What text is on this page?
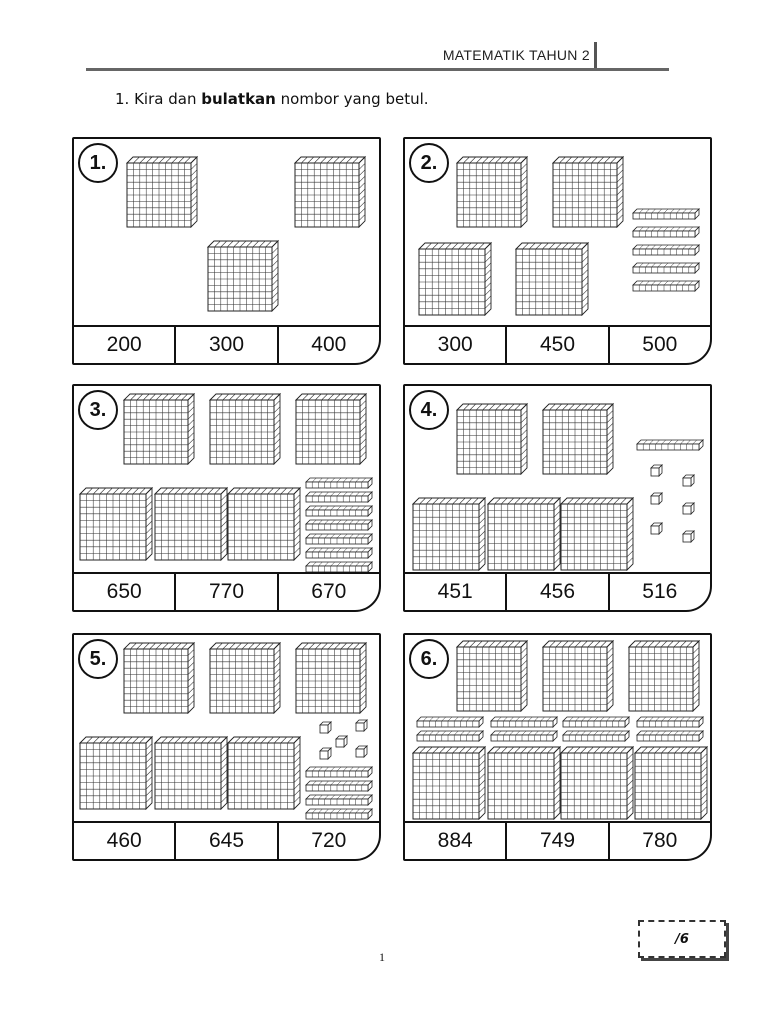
MATEMATIK TAHUN 2
1. Kira dan bulatkan nombor yang betul.
1.
200	300	400
2.
300	450	500
3.
650	770	670
4.
451	456	516
5.
460	645	720
6.
884	749	780
/6
1
